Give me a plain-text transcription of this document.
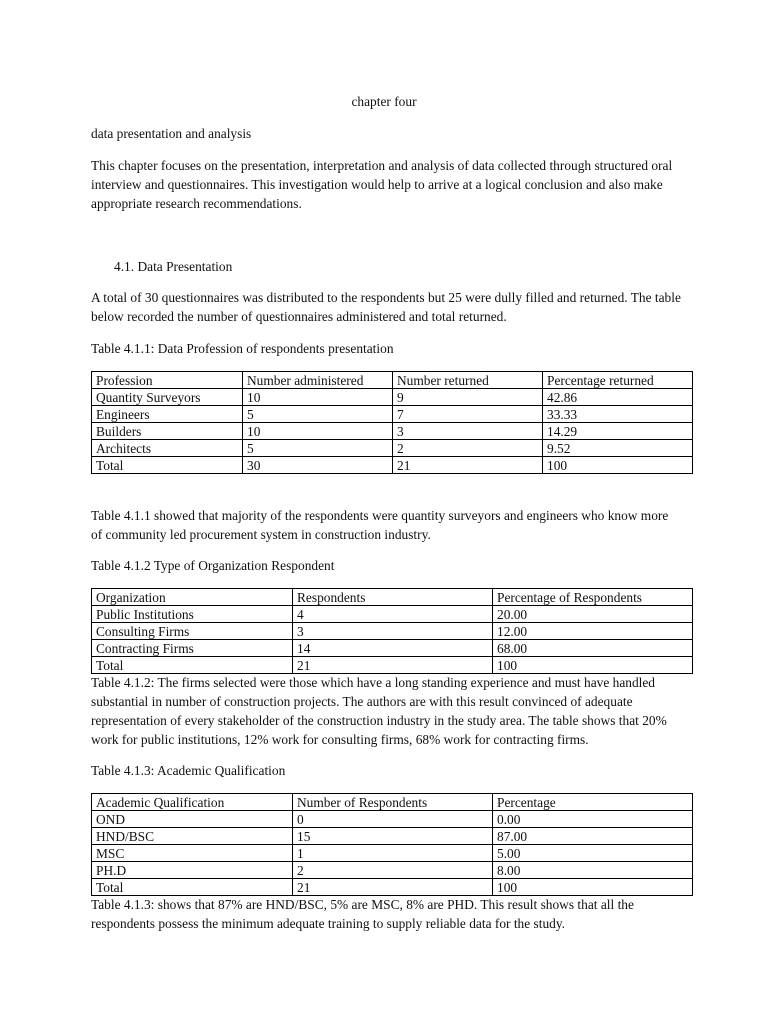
chapter four

data presentation and analysis

This chapter focuses on the presentation, interpretation and analysis of data collected through structured oral interview and questionnaires. This investigation would help to arrive at a logical conclusion and also make appropriate research recommendations.

4.1. Data Presentation

A total of 30 questionnaires was distributed to the respondents but 25 were dully filled and returned. The table below recorded the number of questionnaires administered and total returned.

Table 4.1.1: Data Profession of respondents presentation

Profession	Number administered	Number returned	Percentage returned
Quantity Surveyors	10	9	42.86
Engineers	5	7	33.33
Builders	10	3	14.29
Architects	5	2	9.52
Total	30	21	100

Table 4.1.1 showed that majority of the respondents were quantity surveyors and engineers who know more of community led procurement system in construction industry.

Table 4.1.2 Type of Organization Respondent

Organization	Respondents	Percentage of Respondents
Public Institutions	4	20.00
Consulting Firms	3	12.00
Contracting Firms	14	68.00
Total	21	100

Table 4.1.2: The firms selected were those which have a long standing experience and must have handled substantial in number of construction projects. The authors are with this result convinced of adequate representation of every stakeholder of the construction industry in the study area. The table shows that 20% work for public institutions, 12% work for consulting firms, 68% work for contracting firms.

Table 4.1.3: Academic Qualification

Academic Qualification	Number of Respondents	Percentage
OND	0	0.00
HND/BSC	15	87.00
MSC	1	5.00
PH.D	2	8.00
Total	21	100

Table 4.1.3: shows that 87% are HND/BSC, 5% are MSC, 8% are PHD. This result shows that all the respondents possess the minimum adequate training to supply reliable data for the study.
